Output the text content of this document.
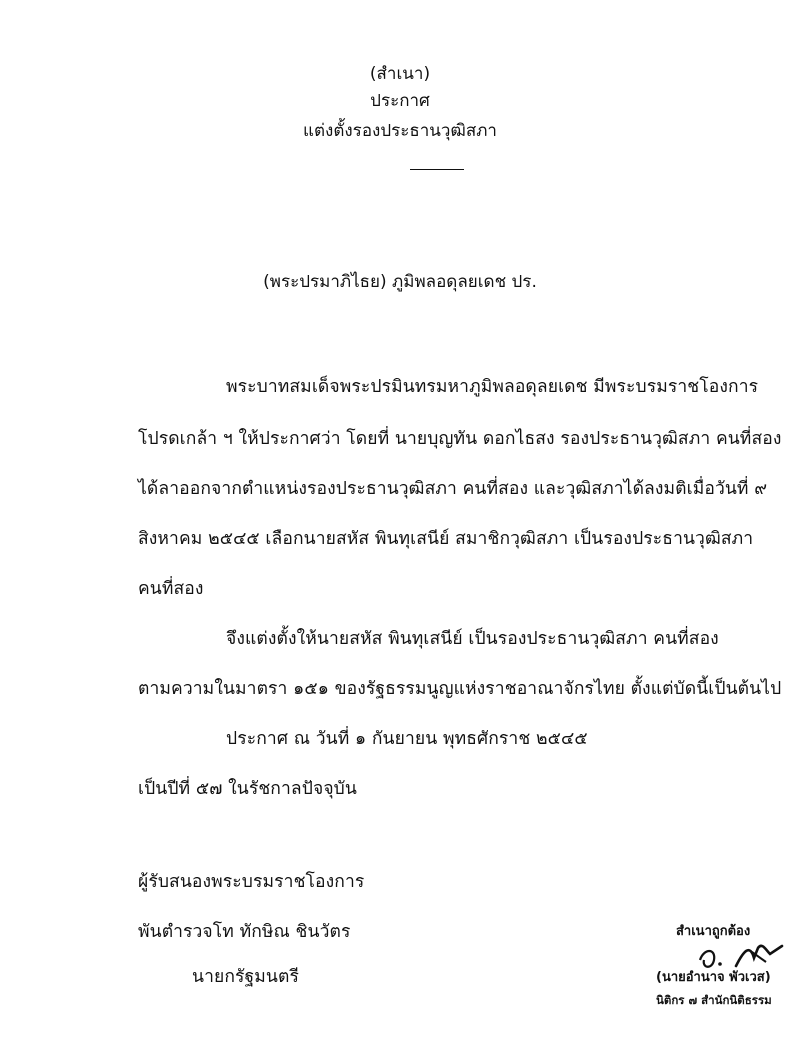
(สำเนา)
ประกาศ
แต่งตั้งรองประธานวุฒิสภา
(พระปรมาภิไธย) ภูมิพลอดุลยเดช ปร.
พระบาทสมเด็จพระปรมินทรมหาภูมิพลอดุลยเดช มีพระบรมราชโองการ
โปรดเกล้า ฯ ให้ประกาศว่า โดยที่ นายบุญทัน ดอกไธสง รองประธานวุฒิสภา คนที่สอง
ได้ลาออกจากตำแหน่งรองประธานวุฒิสภา คนที่สอง และวุฒิสภาได้ลงมติเมื่อวันที่ ๙
สิงหาคม ๒๕๔๕ เลือกนายสหัส พินทุเสนีย์ สมาชิกวุฒิสภา เป็นรองประธานวุฒิสภา
คนที่สอง
จึงแต่งตั้งให้นายสหัส พินทุเสนีย์ เป็นรองประธานวุฒิสภา คนที่สอง
ตามความในมาตรา ๑๕๑ ของรัฐธรรมนูญแห่งราชอาณาจักรไทย ตั้งแต่บัดนี้เป็นต้นไป
ประกาศ ณ วันที่ ๑ กันยายน พุทธศักราช ๒๕๔๕
เป็นปีที่ ๕๗ ในรัชกาลปัจจุบัน
ผู้รับสนองพระบรมราชโองการ
พันตำรวจโท ทักษิณ ชินวัตร
นายกรัฐมนตรี
สำเนาถูกต้อง
(นายอำนาจ พัวเวส)
นิติกร ๗ สำนักนิติธรรม
